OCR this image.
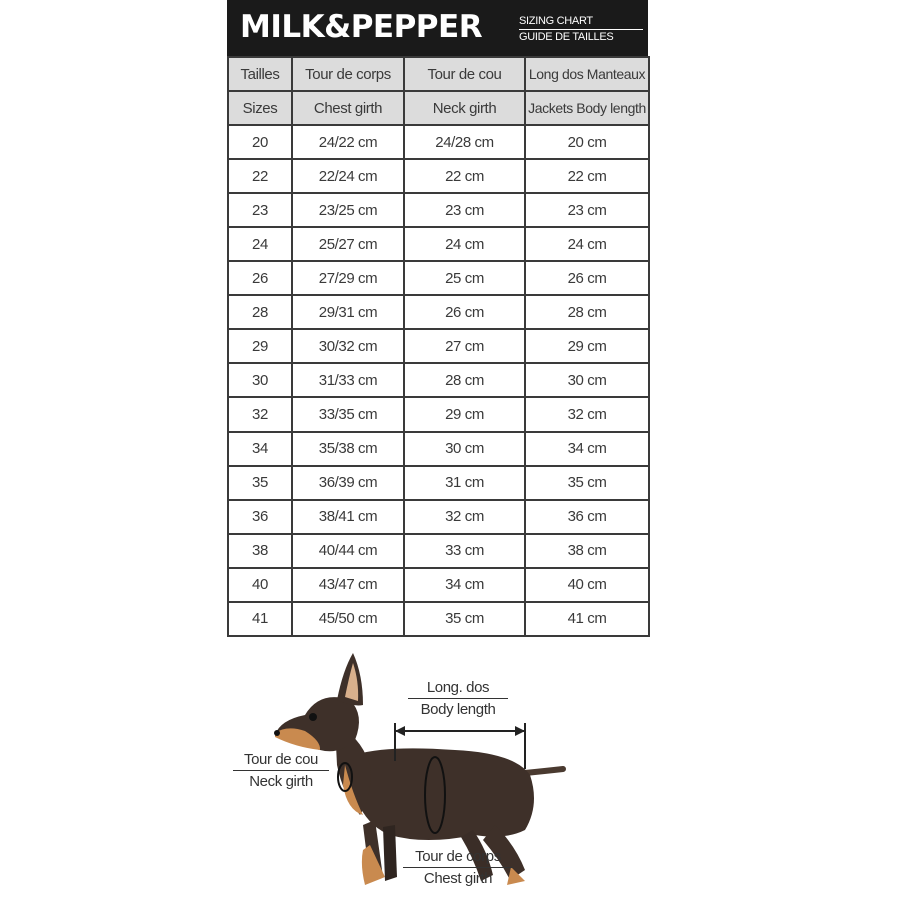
MILK&PEPPER	SIZING CHART
GUIDE DE TAILLES
Tailles	Tour de corps	Tour de cou	Long dos Manteaux

Sizes	Chest girth	Neck girth	Jackets Body length

20	24/22 cm	24/28 cm	20 cm
22	22/24 cm	22 cm	22 cm
23	23/25 cm	23 cm	23 cm
24	25/27 cm	24 cm	24 cm
26	27/29 cm	25 cm	26 cm
28	29/31 cm	26 cm	28 cm
29	30/32 cm	27 cm	29 cm
30	31/33 cm	28 cm	30 cm
32	33/35 cm	29 cm	32 cm
34	35/38 cm	30 cm	34 cm
35	36/39 cm	31 cm	35 cm
36	38/41 cm	32 cm	36 cm
38	40/44 cm	33 cm	38 cm
40	43/47 cm	34 cm	40 cm
41	45/50 cm	35 cm	41 cm
Long. dos
Body length
Tour de cou
Neck girth
Tour de corps
Chest girth
